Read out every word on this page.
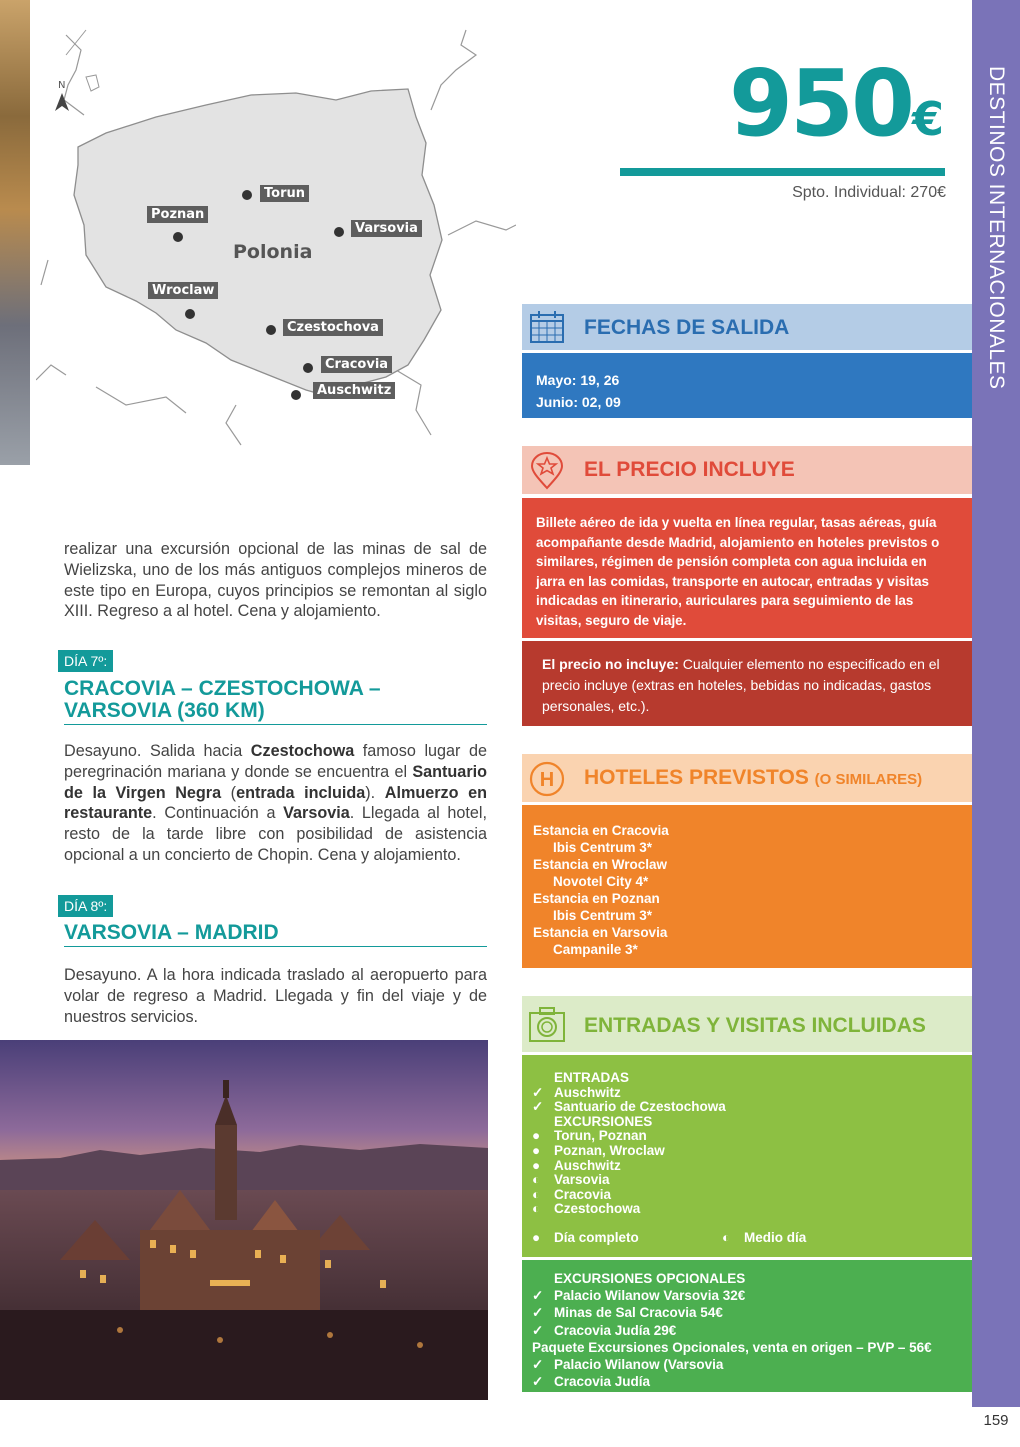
N
Polonia
Torun
Poznan
Varsovia
Wroclaw
Czestochova
Cracovia
Auschwitz
950€
Spto. Individual: 270€	DESTINOS INTERNACIONALES
159
FECHAS DE SALIDA
Mayo: 19, 26
Junio: 02, 09
EL PRECIO INCLUYE
Billete aéreo de ida y vuelta en línea regular, tasas aéreas, guía acompañante desde Madrid, alojamiento en hoteles previstos o similares, régimen de pensión completa con agua incluida en jarra en las comidas, transporte en autocar, entradas y visitas indicadas en itinerario, auriculares para seguimiento de las visitas, seguro de viaje.
El precio no incluye: Cualquier elemento no especificado en el precio incluye (extras en hoteles, bebidas no indicadas, gastos personales, etc.).
H HOTELES PREVISTOS (O SIMILARES)
Estancia en Cracovia
Ibis Centrum 3*
Estancia en Wroclaw
Novotel City 4*
Estancia en Poznan
Ibis Centrum 3*
Estancia en Varsovia
Campanile 3*
ENTRADAS Y VISITAS INCLUIDAS
ENTRADAS
✓ Auschwitz
✓ Santuario de Czestochowa
EXCURSIONES
● Torun, Poznan
● Poznan, Wroclaw
● Auschwitz
◐ Varsovia
◐ Cracovia
◐ Czestochowa
● Día completo	◐ Medio día
EXCURSIONES OPCIONALES
✓ Palacio Wilanow Varsovia 32€
✓ Minas de Sal Cracovia 54€
✓ Cracovia Judía 29€
Paquete Excursiones Opcionales, venta en origen – PVP – 56€
✓ Palacio Wilanow (Varsovia
✓ Cracovia Judía
realizar una excursión opcional de las minas de sal de Wielizska, uno de los más antiguos complejos mineros de este tipo en Europa, cuyos principios se remontan al siglo XIII. Regreso a al hotel. Cena y alojamiento.
DÍA 7º:
CRACOVIA – CZESTOCHOWA –
VARSOVIA (360 KM)
Desayuno. Salida hacia Czestochowa famoso lugar de peregrinación mariana y donde se encuentra el Santuario de la Virgen Negra (entrada incluida). Almuerzo en restaurante. Continuación a Varsovia. Llegada al hotel, resto de la tarde libre con posibilidad de asistencia opcional a un concierto de Chopin. Cena y alojamiento.
DÍA 8º:
VARSOVIA – MADRID
Desayuno. A la hora indicada traslado al aeropuerto para volar de regreso a Madrid. Llegada y fin del viaje y de nuestros servicios.
